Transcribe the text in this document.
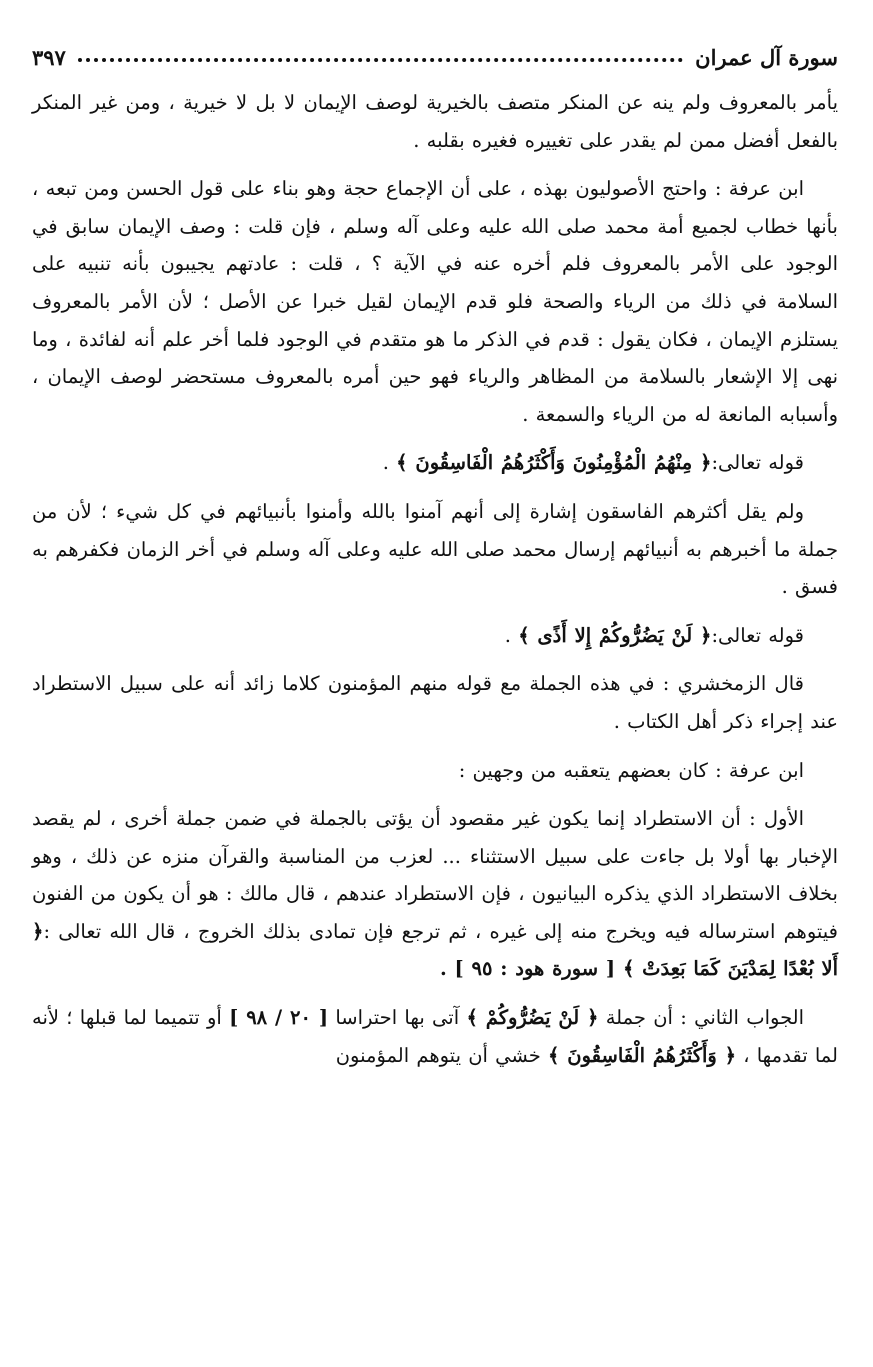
سورة آل عمران
٣٩٧

يأمر بالمعروف ولم ينه عن المنكر متصف بالخيرية لوصف الإيمان لا بل لا خيرية ، ومن غير المنكر بالفعل أفضل ممن لم يقدر على تغييره فغيره بقلبه .

ابن عرفة : واحتج الأصوليون بهذه ، على أن الإجماع حجة وهو بناء على قول الحسن ومن تبعه ، بأنها خطاب لجميع أمة محمد صلى الله عليه وعلى آله وسلم ، فإن قلت : وصف الإيمان سابق في الوجود على الأمر بالمعروف فلم أخره عنه في الآية ؟ ، قلت : عادتهم يجيبون بأنه تنبيه على السلامة في ذلك من الرياء والصحة فلو قدم الإيمان لقيل خبرا عن الأصل ؛ لأن الأمر بالمعروف يستلزم الإيمان ، فكان يقول : قدم في الذكر ما هو متقدم في الوجود فلما أخر علم أنه لفائدة ، وما نهى إلا الإشعار بالسلامة من المظاهر والرياء فهو حين أمره بالمعروف مستحضر لوصف الإيمان ، وأسبابه المانعة له من الرياء والسمعة .

قوله تعالى:﴿ مِنْهُمُ الْمُؤْمِنُونَ وَأَكْثَرُهُمُ الْفَاسِقُونَ ﴾ .

ولم يقل أكثرهم الفاسقون إشارة إلى أنهم آمنوا بالله وأمنوا بأنبيائهم في كل شيء ؛ لأن من جملة ما أخبرهم به أنبيائهم إرسال محمد صلى الله عليه وعلى آله وسلم في أخر الزمان فكفرهم به فسق .

قوله تعالى:﴿ لَنْ يَضُرُّوكُمْ إِلا أَذًى ﴾ .

قال الزمخشري : في هذه الجملة مع قوله منهم المؤمنون كلاما زائد أنه على سبيل الاستطراد عند إجراء ذكر أهل الكتاب .

ابن عرفة : كان بعضهم يتعقبه من وجهين :

الأول : أن الاستطراد إنما يكون غير مقصود أن يؤتى بالجملة في ضمن جملة أخرى ، لم يقصد الإخبار بها أولا بل جاءت على سبيل الاستثناء ... لعزب من المناسبة والقرآن منزه عن ذلك ، وهو بخلاف الاستطراد الذي يذكره البيانيون ، فإن الاستطراد عندهم ، قال مالك : هو أن يكون من الفنون فيتوهم استرساله فيه ويخرج منه إلى غيره ، ثم ترجع فإن تمادى بذلك الخروج ، قال الله تعالى :﴿ أَلا بُعْدًا لِمَدْيَنَ كَمَا بَعِدَتْ ﴾ [ سورة هود : ٩٥ ] .

الجواب الثاني : أن جملة ﴿ لَنْ يَضُرُّوكُمْ ﴾ آتى بها احتراسا [ ٢٠ / ٩٨ ] أو تتميما لما قبلها ؛ لأنه لما تقدمها ، ﴿ وَأَكْثَرُهُمُ الْفَاسِقُونَ ﴾ خشي أن يتوهم المؤمنون
